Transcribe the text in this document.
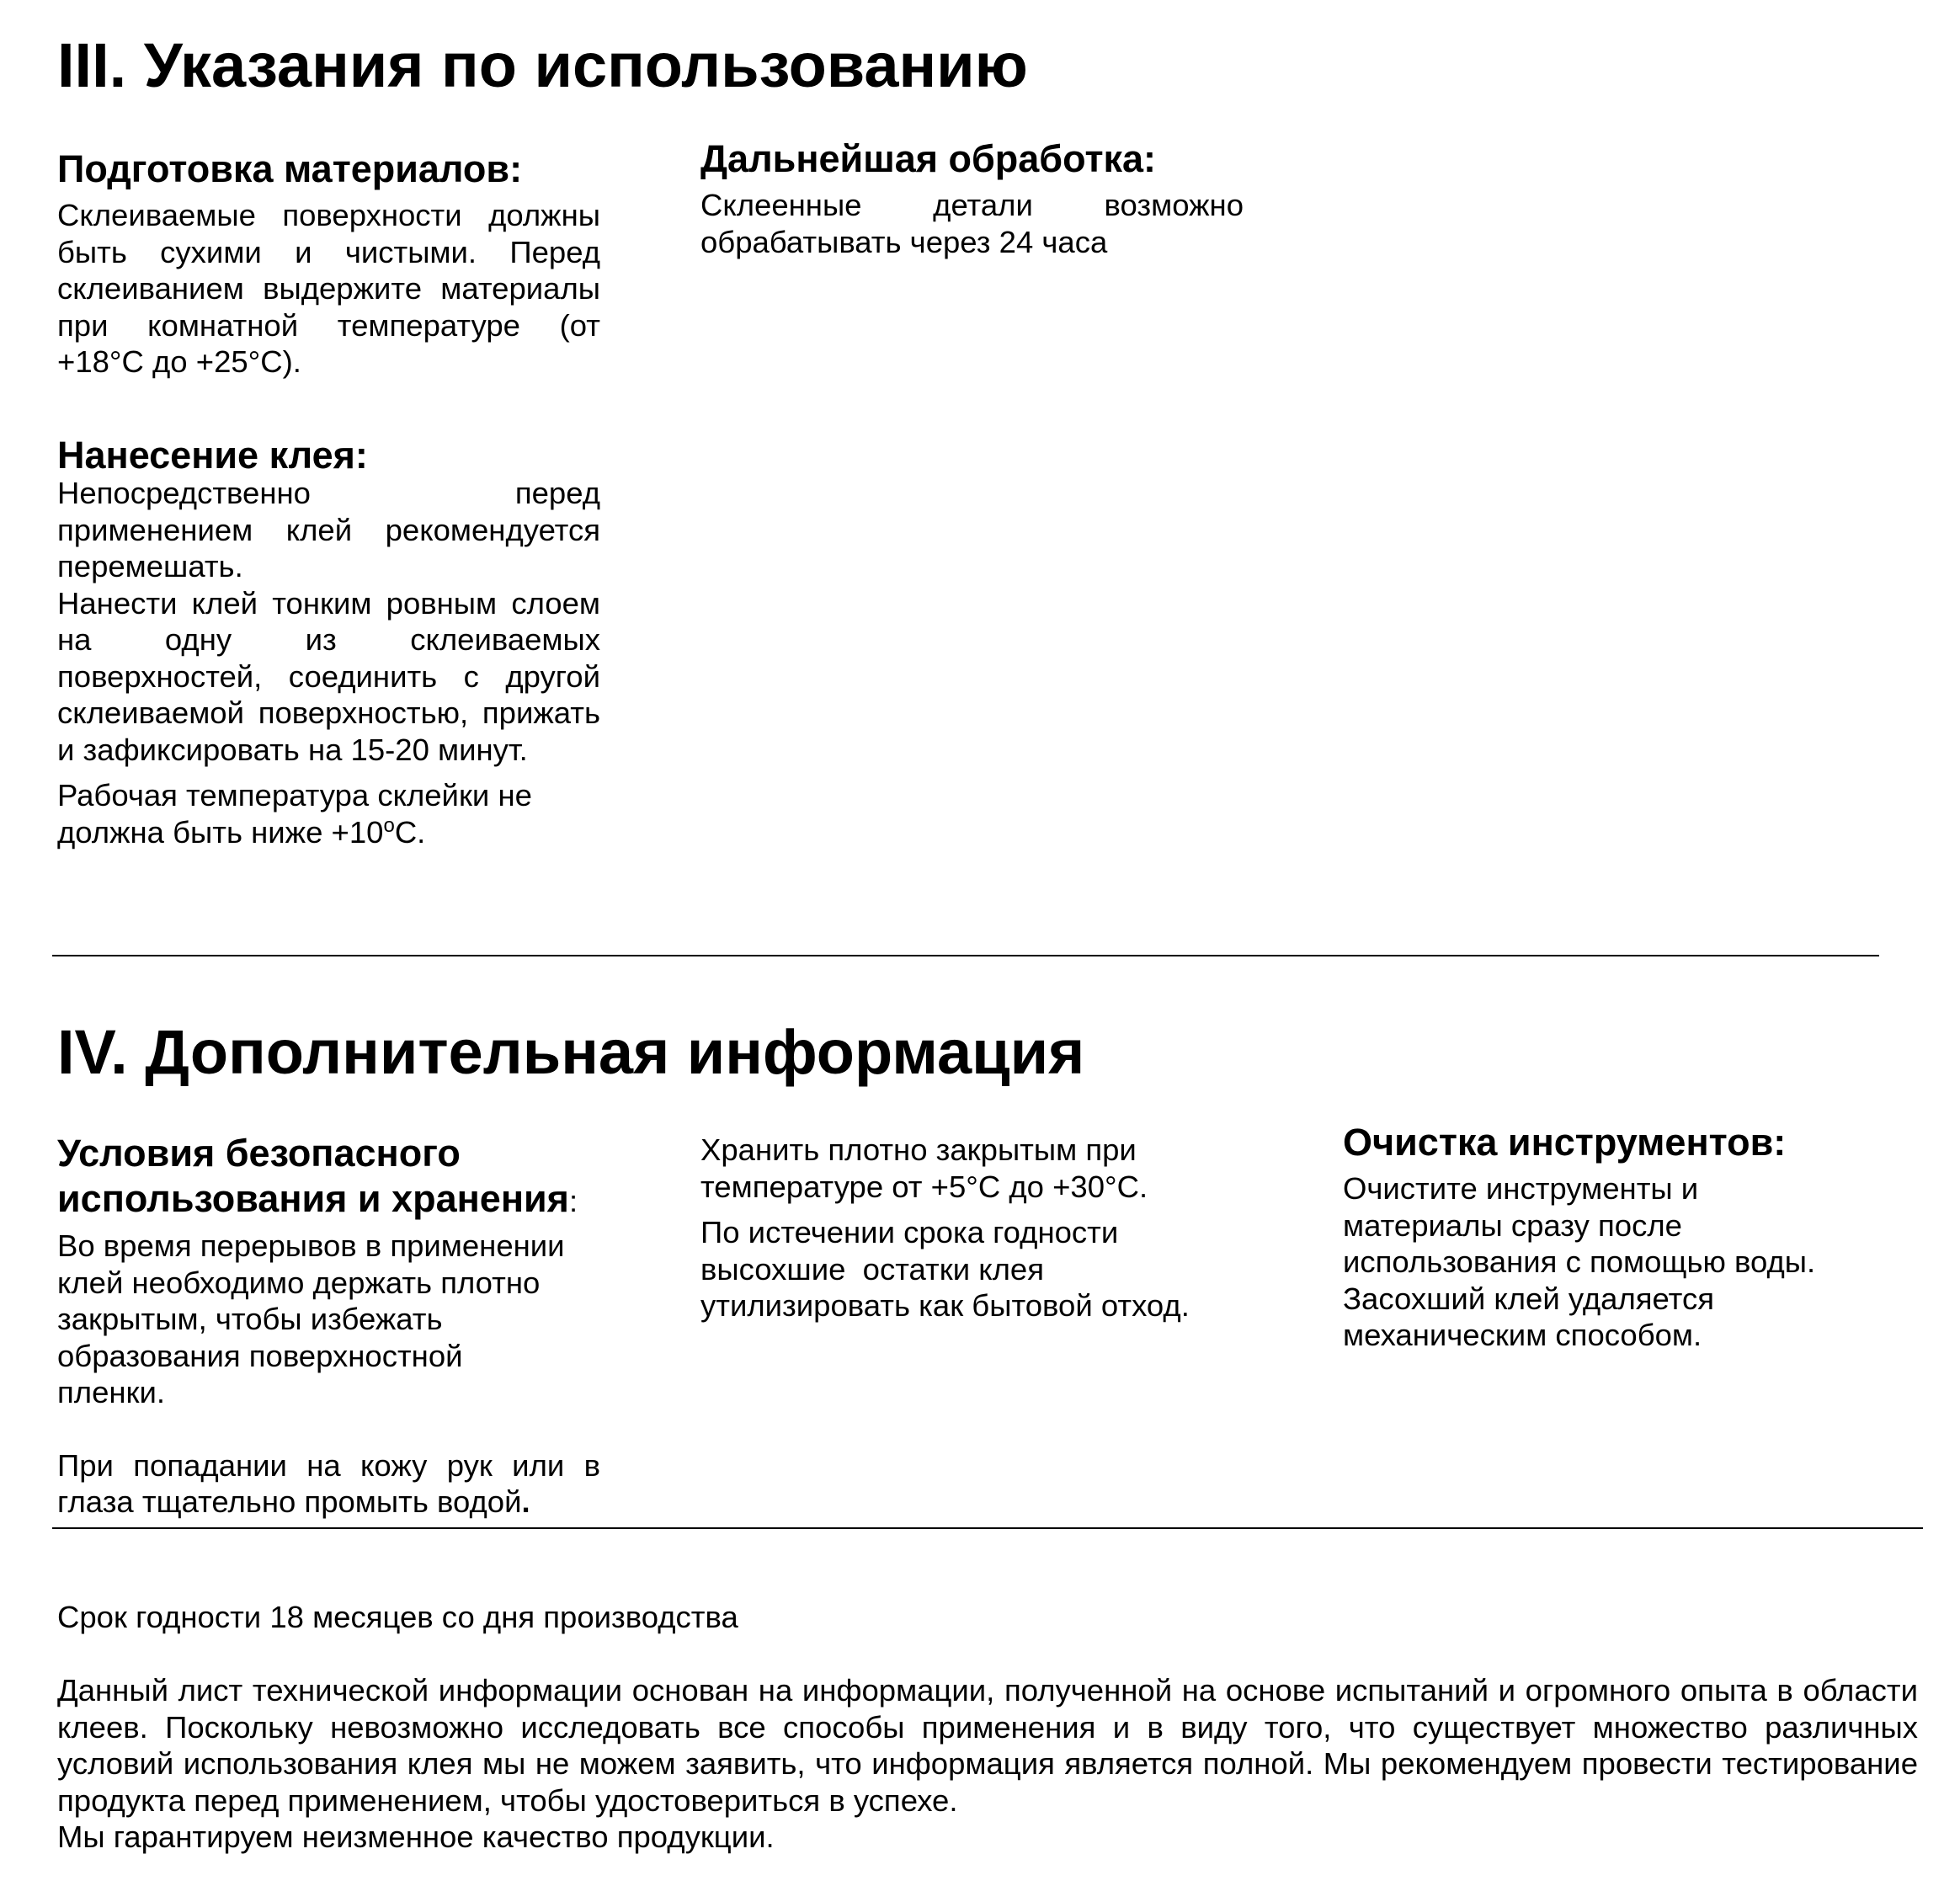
III. Указания по использованию
Подготовка материалов:

Склеиваемые поверхности должны быть сухими и чистыми. Перед склеиванием выдержите материалы при комнатной температуре (от +18°C до +25°C).

Нанесение клея:

Непосредственно перед применением клей рекомендуется перемешать.

Нанести клей тонким ровным слоем на одну из склеиваемых поверхностей, соединить с другой склеиваемой поверхностью, прижать и зафиксировать на 15-20 минут.

Рабочая температура склейки не
должна быть ниже $+10^оС$.

Дальнейшая обработка:

Склеенные детали возможно обрабатывать через 24 часа

IV. Дополнительная информация
Условия безопасного использования и хранения:

Во время перерывов в применении
клей необходимо держать плотно
закрытым, чтобы избежать
образования поверхностной
пленки.

При попадании на кожу рук или в глаза тщательно промыть водой.

Хранить плотно закрытым при
температуре от +5°C до +30°C.

По истечении срока годности
высохшие  остатки клея
утилизировать как бытовой отход.

Очистка инструментов:

Очистите инструменты и
материалы сразу после
использования с помощью воды.
Засохший клей удаляется
механическим способом.

Срок годности 18 месяцев со дня производства

Данный лист технической информации основан на информации, полученной на основе испытаний и огромного опыта в области клеев. Поскольку невозможно исследовать все способы применения и в виду того, что существует множество различных условий использования клея мы не можем заявить, что информация является полной. Мы рекомендуем провести тестирование продукта перед применением, чтобы удостовериться в успехе.

Мы гарантируем неизменное качество продукции.
